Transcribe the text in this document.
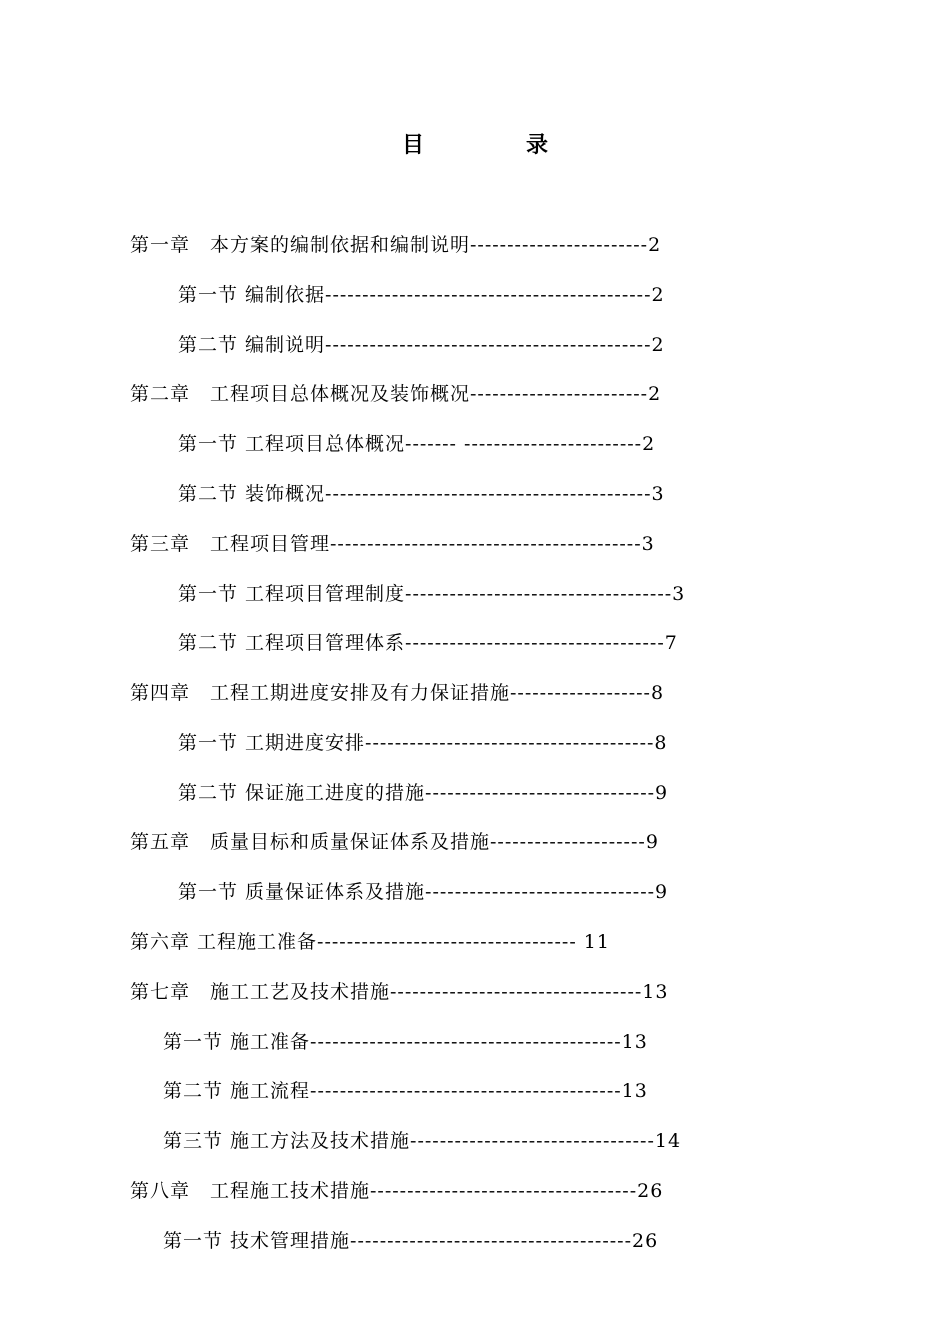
目　录
第一章　本方案的编制依据和编制说明------------------------2
第一节 编制依据--------------------------------------------2
第二节 编制说明--------------------------------------------2
第二章　工程项目总体概况及装饰概况------------------------2
第一节 工程项目总体概况------- ------------------------2
第二节 装饰概况--------------------------------------------3
第三章　工程项目管理------------------------------------------3
第一节 工程项目管理制度------------------------------------3
第二节 工程项目管理体系-----------------------------------7
第四章　工程工期进度安排及有力保证措施-------------------8
第一节 工期进度安排---------------------------------------8
第二节 保证施工进度的措施-------------------------------9
第五章　质量目标和质量保证体系及措施---------------------9
第一节 质量保证体系及措施-------------------------------9
第六章 工程施工准备----------------------------------- 11
第七章　施工工艺及技术措施----------------------------------13
第一节 施工准备------------------------------------------13
第二节 施工流程------------------------------------------13
第三节 施工方法及技术措施---------------------------------14
第八章　工程施工技术措施------------------------------------26
第一节 技术管理措施--------------------------------------26
